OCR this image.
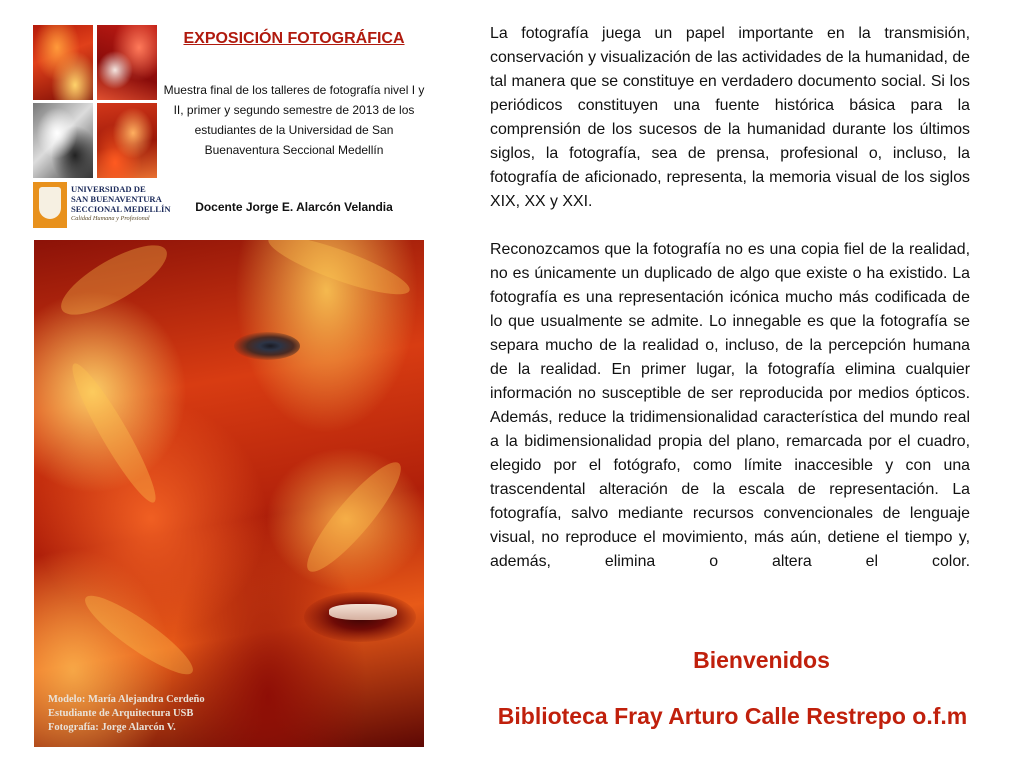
UNIVERSIDAD DE
SAN BUENAVENTURA
SECCIONAL MEDELLÍN
Calidad Humana y Profesional
EXPOSICIÓN FOTOGRÁFICA

Muestra final de los talleres de fotografía nivel I y II, primer y segundo semestre de 2013 de los estudiantes de la Universidad de San Buenaventura Seccional Medellín

Docente Jorge E. Alarcón Velandia

Modelo: María Alejandra Cerdeño
Estudiante de Arquitectura USB
Fotografía: Jorge Alarcón V.

La fotografía juega un papel importante en la transmisión, conservación y visualización de las actividades de la humanidad, de tal manera que se constituye en verdadero documento social. Si los periódicos constituyen una fuente histórica básica para la comprensión de los sucesos de la humanidad durante los últimos siglos, la fotografía, sea de prensa, profesional o, incluso, la fotografía de aficionado, representa, la memoria visual de los siglos XIX, XX y XXI.

Reconozcamos que la fotografía no es una copia fiel de la realidad, no es únicamente un duplicado de algo que existe o ha existido. La fotografía es una representación icónica mucho más codificada de lo que usualmente se admite. Lo innegable es que la fotografía se separa mucho de la realidad o, incluso, de la percepción humana de la realidad. En primer lugar, la fotografía elimina cualquier información no susceptible de ser reproducida por medios ópticos. Además, reduce la tridimensionalidad característica del mundo real a la bidimensionalidad propia del plano, remarcada por el cuadro, elegido por el fotógrafo, como límite inaccesible y con una trascendental alteración de la escala de representación. La fotografía, salvo mediante recursos convencionales de lenguaje visual, no reproduce el movimiento, más aún, detiene el tiempo y, además, elimina o altera el color.

Bienvenidos

Biblioteca Fray Arturo Calle Restrepo o.f.m
